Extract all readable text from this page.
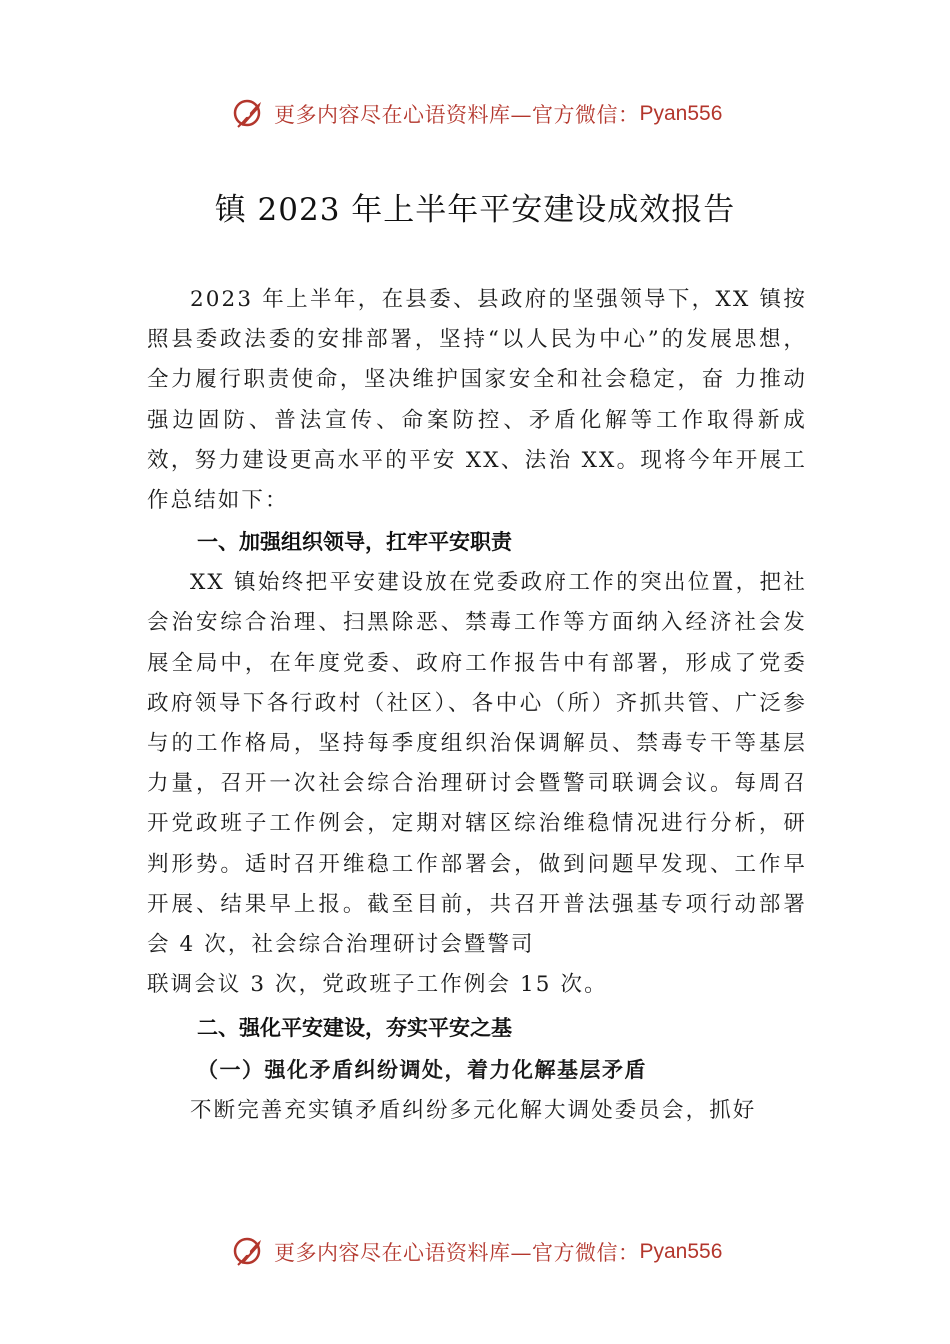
更多内容尽在心语资料库—官方微信： Pyan556
镇 2023 年上半年平安建设成效报告

2023 年上半年，在县委、县政府的坚强领导下，XX 镇按照县委政法委的安排部署，坚持“以人民为中心”的发展思想，全力履行职责使命，坚决维护国家安全和社会稳定，奋 力推动强边固防、普法宣传、命案防控、矛盾化解等工作取得新成效，努力建设更高水平的平安 XX、法治 XX。现将今年开展工作总结如下：

一、加强组织领导，扛牢平安职责

XX 镇始终把平安建设放在党委政府工作的突出位置，把社会治安综合治理、扫黑除恶、禁毒工作等方面纳入经济社会发展全局中，在年度党委、政府工作报告中有部署，形成了党委政府领导下各行政村（社区）、各中心（所）齐抓共管、广泛参与的工作格局，坚持每季度组织治保调解员、禁毒专干等基层力量，召开一次社会综合治理研讨会暨警司联调会议。每周召开党政班子工作例会，定期对辖区综治维稳情况进行分析，研判形势。适时召开维稳工作部署会，做到问题早发现、工作早开展、结果早上报。截至目前，共召开普法强基专项行动部署会 4 次，社会综合治理研讨会暨警司

联调会议 3 次，党政班子工作例会 15 次。

二、强化平安建设，夯实平安之基
（一）强化矛盾纠纷调处，着力化解基层矛盾

不断完善充实镇矛盾纠纷多元化解大调处委员会，抓好

更多内容尽在心语资料库—官方微信： Pyan556
